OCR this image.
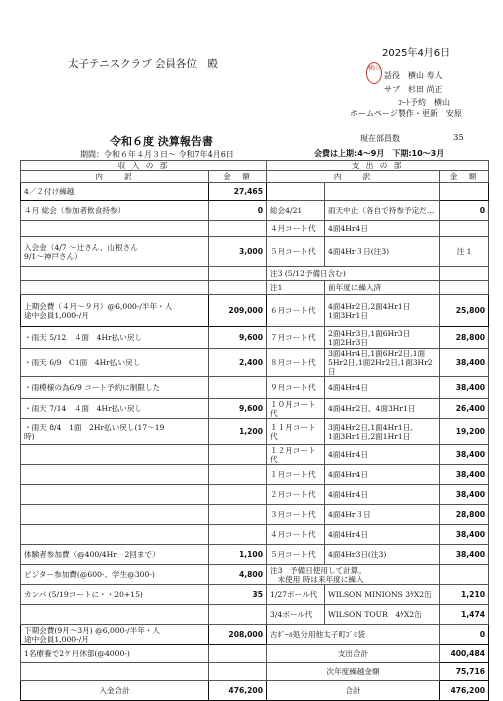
2025年4月6日
太子テニスクラブ 会員各位　殿	横山
話役　横山 寿人
サブ　杉田 尚正
ｺｰﾄ予約　横山
ホームページ製作・更新　安原
令和６度 決算報告書
期間：令和６年４月３日〜 令和7年4月6日
現在部員数	35
会費は上期:4〜9月　下期:10〜3月
収 入 の 部		支 出 の 部		
内　　訳	金　額	内　　訳		金　額
4／２付け繰越	27,465			
４月 総会（参加者飲食持参）	0	総会4/21	雨天中止（各自で持参予定だ…	0
		４月コート代	4面4Hr4日	
入会金（4/7 〜辻さん、山根さん
9/1〜神戸さん）	3,000	５月コート代	4面4Hr３日(注3)	注 1
		注3 (5/12予備日含む)		
		注1	前年度に繰入済	
上期会費（４月〜９月）@6,000-/半年・人
途中会員1,000-/月	209,000	６月コート代	4面4Hr2日,2面4Hr1日
1面3Hr1日	25,800
・雨天 5/12　４面　4Hr払い戻し	9,600	７月コート代	2面4Hr3日,1面6Hr3日
1面2Hr3日	28,800
・雨天 6/9　C1面　4Hr払い戻し	2,400	８月コート代	3面4Hr4日,1面6Hr2日,1面
5Hr2日,1面2Hr2日,1面3Hr2日	38,400
・雨模様の為6/9 コート予約に制限した		９月コート代	4面4Hr4日	38,400
・雨天 7/14　４面　4Hr払い戻し	9,600	１０月コート代	4面4Hr2日、4面3Hr1日	26,400
・雨天 8/4　1面　2Hr払い戻し(17〜19
時)	1,200	１１月コート代	3面4Hr2日,1面4Hr1日,
1面3Hr1日,2面1Hr1日	19,200
		１２月コート代	4面4Hr4日	38,400
		１月コート代	4面4Hr4日	38,400
		２月コート代	4面4Hr4日	38,400
		３月コート代	4面4Hr３日	28,800
		４月コート代	4面4Hr4日	38,400
体験者参加費（@400/4Hr　2回まで）	1,100	５月コート代	4面4Hr3日(注3)	38,400
ビジター参加費(@600-、学生@300-)	4,800	注3　予備日使用して計算。
　未使用 時は来年度に繰入		
カンパ (5/19コートに・・20+15)	35	1/27ボール代	WILSON MINIONS 3ｹX2缶	1,210
		3/4ボール代	WILSON TOUR　4ｹX2缶	1,474
下期会費(9月〜3月) @6,000-/半年・人
途中会員1,000-/月	208,000	古ﾎﾞｰﾙ処分用他太子町ｺﾞﾐ袋		0
1名療養で2ケ月休部(@4000-)		支出合計		400,484
		次年度繰越金額		75,716
入金合計	476,200	合計		476,200
